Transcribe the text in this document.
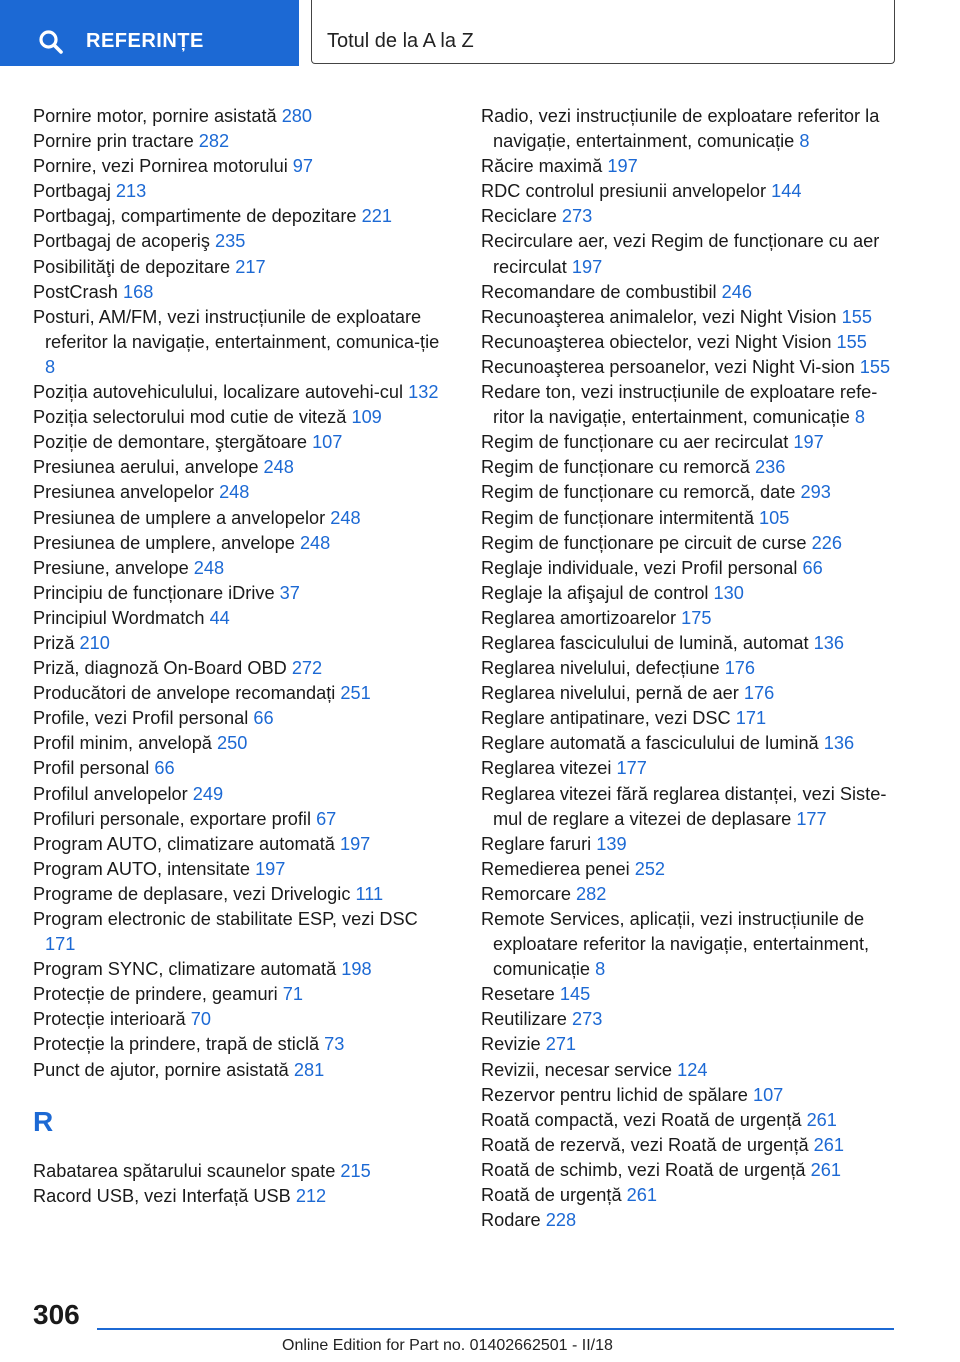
REFERINȚE	Totul de la A la Z
Pornire motor, pornire asistată 280
Pornire prin tractare 282
Pornire, vezi Pornirea motorului 97
Portbagaj 213
Portbagaj, compartimente de depozitare 221
Portbagaj de acoperiş 235
Posibilităţi de depozitare 217
PostCrash 168
Posturi, AM/FM, vezi instrucțiunile de exploatare referitor la navigație, entertainment, comunica‐ție 8
Poziția autovehiculului, localizare autovehi‐cul 132
Poziția selectorului mod cutie de viteză 109
Poziție de demontare, ştergătoare 107
Presiunea aerului, anvelope 248
Presiunea anvelopelor 248
Presiunea de umplere a anvelopelor 248
Presiunea de umplere, anvelope 248
Presiune, anvelope 248
Principiu de funcționare iDrive 37
Principiul Wordmatch 44
Priză 210
Priză, diagnoză On-Board OBD 272
Producători de anvelope recomandați 251
Profile, vezi Profil personal 66
Profil minim, anvelopă 250
Profil personal 66
Profilul anvelopelor 249
Profiluri personale, exportare profil 67
Program AUTO, climatizare automată 197
Program AUTO, intensitate 197
Programe de deplasare, vezi Drivelogic 111
Program electronic de stabilitate ESP, vezi DSC 171
Program SYNC, climatizare automată 198
Protecție de prindere, geamuri 71
Protecție interioară 70
Protecție la prindere, trapă de sticlă 73
Punct de ajutor, pornire asistată 281
R
Rabatarea spătarului scaunelor spate 215
Racord USB, vezi Interfață USB 212
Radio, vezi instrucțiunile de exploatare referitor la navigație, entertainment, comunicație 8
Răcire maximă 197
RDC controlul presiunii anvelopelor 144
Reciclare 273
Recirculare aer, vezi Regim de funcționare cu aer recirculat 197
Recomandare de combustibil 246
Recunoaşterea animalelor, vezi Night Vision 155
Recunoaşterea obiectelor, vezi Night Vision 155
Recunoaşterea persoanelor, vezi Night Vi‐sion 155
Redare ton, vezi instrucțiunile de exploatare refe‐ritor la navigație, entertainment, comunicație 8
Regim de funcționare cu aer recirculat 197
Regim de funcționare cu remorcă 236
Regim de funcționare cu remorcă, date 293
Regim de funcționare intermitentă 105
Regim de funcționare pe circuit de curse 226
Reglaje individuale, vezi Profil personal 66
Reglaje la afişajul de control 130
Reglarea amortizoarelor 175
Reglarea fasciculului de lumină, automat 136
Reglarea nivelului, defecțiune 176
Reglarea nivelului, pernă de aer 176
Reglare antipatinare, vezi DSC 171
Reglare automată a fasciculului de lumină 136
Reglarea vitezei 177
Reglarea vitezei fără reglarea distanței, vezi Siste‐mul de reglare a vitezei de deplasare 177
Reglare faruri 139
Remedierea penei 252
Remorcare 282
Remote Services, aplicații, vezi instrucțiunile de exploatare referitor la navigație, entertainment, comunicație 8
Resetare 145
Reutilizare 273
Revizie 271
Revizii, necesar service 124
Rezervor pentru lichid de spălare 107
Roată compactă, vezi Roată de urgență 261
Roată de rezervă, vezi Roată de urgență 261
Roată de schimb, vezi Roată de urgență 261
Roată de urgență 261
Rodare 228
306
Online Edition for Part no. 01402662501 - II/18
